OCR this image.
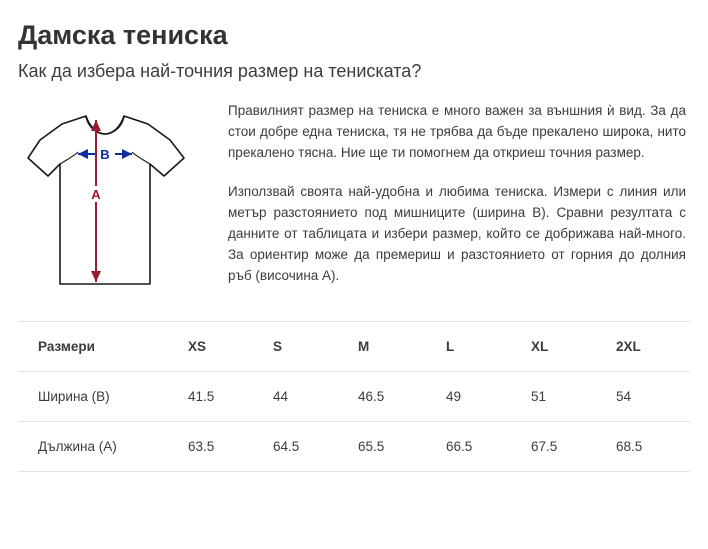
Дамска тениска
Как да избера най-точния размер на тениската?
B
A

Правилният размер на тениска е много важен за външния ѝ вид. За да стои добре една тениска, тя не трябва да бъде прекалено широка, нито прекалено тясна. Ние ще ти помогнем да откриеш точния размер.

Използвай своята най-удобна и любима тениска. Измери с линия или метър разстоянието под мишниците (ширина B). Сравни резултата с данните от таблицата и избери размер, който се добрижава най-много. За ориентир може да премериш и разстоянието от горния до долния ръб (височина А).

Размери	XS	S	M	L	XL	2XL
Ширина (B)	41.5	44	46.5	49	51	54
Дължина (A)	63.5	64.5	65.5	66.5	67.5	68.5
